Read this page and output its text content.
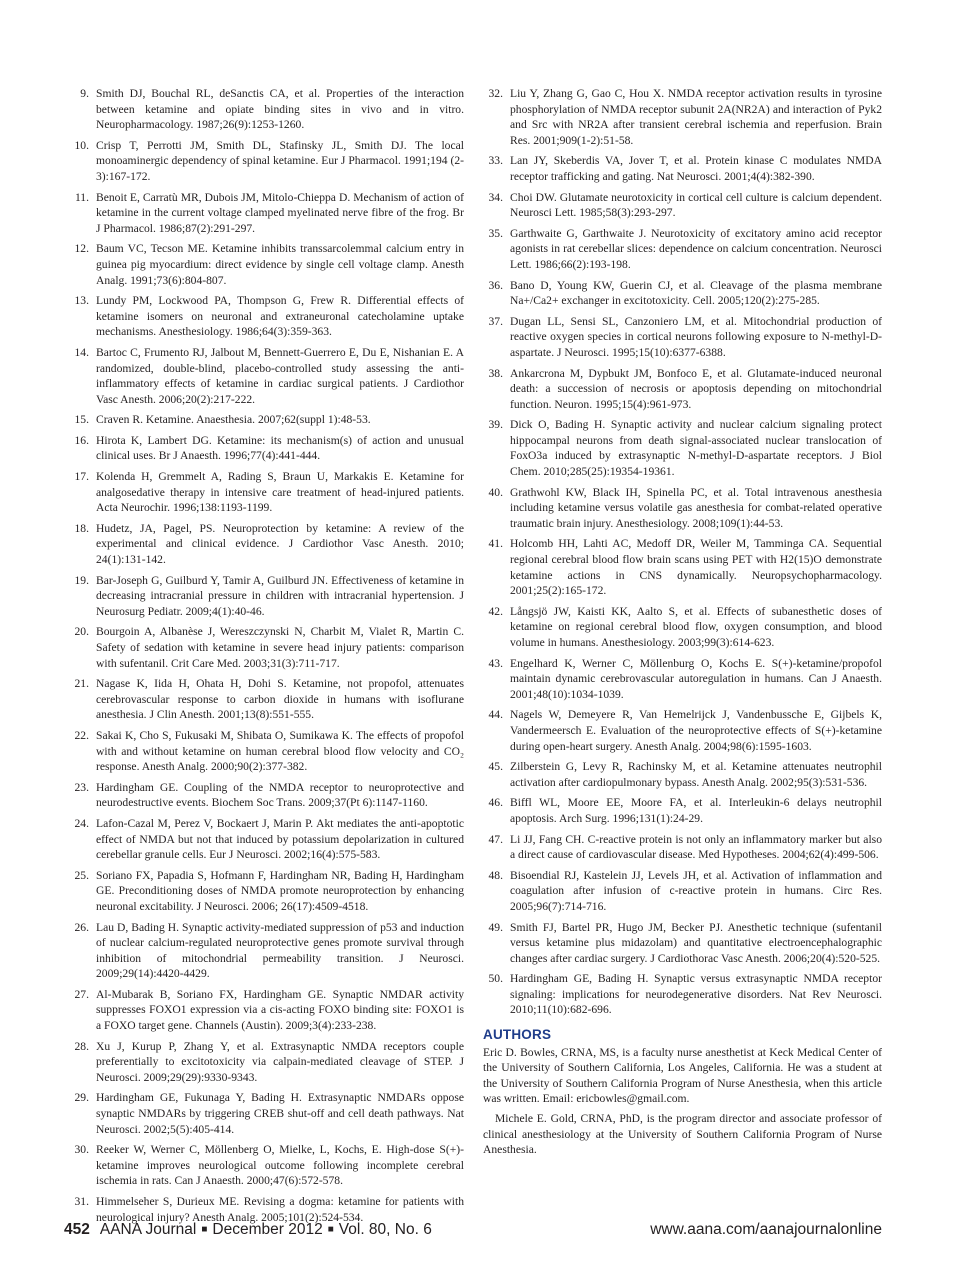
9. Smith DJ, Bouchal RL, deSanctis CA, et al. Properties of the interaction between ketamine and opiate binding sites in vivo and in vitro. Neuropharmacology. 1987;26(9):1253-1260.
10. Crisp T, Perrotti JM, Smith DL, Stafinsky JL, Smith DJ. The local monoaminergic dependency of spinal ketamine. Eur J Pharmacol. 1991;194 (2-3):167-172.
11. Benoit E, Carratù MR, Dubois JM, Mitolo-Chieppa D. Mechanism of action of ketamine in the current voltage clamped myelinated nerve fibre of the frog. Br J Pharmacol. 1986;87(2):291-297.
12. Baum VC, Tecson ME. Ketamine inhibits transsarcolemmal calcium entry in guinea pig myocardium: direct evidence by single cell voltage clamp. Anesth Analg. 1991;73(6):804-807.
13. Lundy PM, Lockwood PA, Thompson G, Frew R. Differential effects of ketamine isomers on neuronal and extraneuronal catecholamine uptake mechanisms. Anesthesiology. 1986;64(3):359-363.
14. Bartoc C, Frumento RJ, Jalbout M, Bennett-Guerrero E, Du E, Nishanian E. A randomized, double-blind, placebo-controlled study assessing the anti-inflammatory effects of ketamine in cardiac surgical patients. J Cardiothor Vasc Anesth. 2006;20(2):217-222.
15. Craven R. Ketamine. Anaesthesia. 2007;62(suppl 1):48-53.
16. Hirota K, Lambert DG. Ketamine: its mechanism(s) of action and unusual clinical uses. Br J Anaesth. 1996;77(4):441-444.
17. Kolenda H, Gremmelt A, Rading S, Braun U, Markakis E. Ketamine for analgosedative therapy in intensive care treatment of head-injured patients. Acta Neurochir. 1996;138:1193-1199.
18. Hudetz, JA, Pagel, PS. Neuroprotection by ketamine: A review of the experimental and clinical evidence. J Cardiothor Vasc Anesth. 2010; 24(1):131-142.
19. Bar-Joseph G, Guilburd Y, Tamir A, Guilburd JN. Effectiveness of ketamine in decreasing intracranial pressure in children with intracranial hypertension. J Neurosurg Pediatr. 2009;4(1):40-46.
20. Bourgoin A, Albanèse J, Wereszczynski N, Charbit M, Vialet R, Martin C. Safety of sedation with ketamine in severe head injury patients: comparison with sufentanil. Crit Care Med. 2003;31(3):711-717.
21. Nagase K, Iida H, Ohata H, Dohi S. Ketamine, not propofol, attenuates cerebrovascular response to carbon dioxide in humans with isoflurane anesthesia. J Clin Anesth. 2001;13(8):551-555.
22. Sakai K, Cho S, Fukusaki M, Shibata O, Sumikawa K. The effects of propofol with and without ketamine on human cerebral blood flow velocity and CO₂ response. Anesth Analg. 2000;90(2):377-382.
23. Hardingham GE. Coupling of the NMDA receptor to neuroprotective and neurodestructive events. Biochem Soc Trans. 2009;37(Pt 6):1147-1160.
24. Lafon-Cazal M, Perez V, Bockaert J, Marin P. Akt mediates the anti-apoptotic effect of NMDA but not that induced by potassium depolarization in cultured cerebellar granule cells. Eur J Neurosci. 2002;16(4):575-583.
25. Soriano FX, Papadia S, Hofmann F, Hardingham NR, Bading H, Hardingham GE. Preconditioning doses of NMDA promote neuroprotection by enhancing neuronal excitability. J Neurosci. 2006; 26(17):4509-4518.
26. Lau D, Bading H. Synaptic activity-mediated suppression of p53 and induction of nuclear calcium-regulated neuroprotective genes promote survival through inhibition of mitochondrial permeability transition. J Neurosci. 2009;29(14):4420-4429.
27. Al-Mubarak B, Soriano FX, Hardingham GE. Synaptic NMDAR activity suppresses FOXO1 expression via a cis-acting FOXO binding site: FOXO1 is a FOXO target gene. Channels (Austin). 2009;3(4):233-238.
28. Xu J, Kurup P, Zhang Y, et al. Extrasynaptic NMDA receptors couple preferentially to excitotoxicity via calpain-mediated cleavage of STEP. J Neurosci. 2009;29(29):9330-9343.
29. Hardingham GE, Fukunaga Y, Bading H. Extrasynaptic NMDARs oppose synaptic NMDARs by triggering CREB shut-off and cell death pathways. Nat Neurosci. 2002;5(5):405-414.
30. Reeker W, Werner C, Möllenberg O, Mielke, L, Kochs, E. High-dose S(+)-ketamine improves neurological outcome following incomplete cerebral ischemia in rats. Can J Anaesth. 2000;47(6):572-578.
31. Himmelseher S, Durieux ME. Revising a dogma: ketamine for patients with neurological injury? Anesth Analg. 2005;101(2):524-534.
32. Liu Y, Zhang G, Gao C, Hou X. NMDA receptor activation results in tyrosine phosphorylation of NMDA receptor subunit 2A(NR2A) and interaction of Pyk2 and Src with NR2A after transient cerebral ischemia and reperfusion. Brain Res. 2001;909(1-2):51-58.
33. Lan JY, Skeberdis VA, Jover T, et al. Protein kinase C modulates NMDA receptor trafficking and gating. Nat Neurosci. 2001;4(4):382-390.
34. Choi DW. Glutamate neurotoxicity in cortical cell culture is calcium dependent. Neurosci Lett. 1985;58(3):293-297.
35. Garthwaite G, Garthwaite J. Neurotoxicity of excitatory amino acid receptor agonists in rat cerebellar slices: dependence on calcium concentration. Neurosci Lett. 1986;66(2):193-198.
36. Bano D, Young KW, Guerin CJ, et al. Cleavage of the plasma membrane Na+/Ca2+ exchanger in excitotoxicity. Cell. 2005;120(2):275-285.
37. Dugan LL, Sensi SL, Canzoniero LM, et al. Mitochondrial production of reactive oxygen species in cortical neurons following exposure to N-methyl-D-aspartate. J Neurosci. 1995;15(10):6377-6388.
38. Ankarcrona M, Dypbukt JM, Bonfoco E, et al. Glutamate-induced neuronal death: a succession of necrosis or apoptosis depending on mitochondrial function. Neuron. 1995;15(4):961-973.
39. Dick O, Bading H. Synaptic activity and nuclear calcium signaling protect hippocampal neurons from death signal-associated nuclear translocation of FoxO3a induced by extrasynaptic N-methyl-D-aspartate receptors. J Biol Chem. 2010;285(25):19354-19361.
40. Grathwohl KW, Black IH, Spinella PC, et al. Total intravenous anesthesia including ketamine versus volatile gas anesthesia for combat-related operative traumatic brain injury. Anesthesiology. 2008;109(1):44-53.
41. Holcomb HH, Lahti AC, Medoff DR, Weiler M, Tamminga CA. Sequential regional cerebral blood flow brain scans using PET with H2(15)O demonstrate ketamine actions in CNS dynamically. Neuropsychopharmacology. 2001;25(2):165-172.
42. Långsjö JW, Kaisti KK, Aalto S, et al. Effects of subanesthetic doses of ketamine on regional cerebral blood flow, oxygen consumption, and blood volume in humans. Anesthesiology. 2003;99(3):614-623.
43. Engelhard K, Werner C, Möllenburg O, Kochs E. S(+)-ketamine/propofol maintain dynamic cerebrovascular autoregulation in humans. Can J Anaesth. 2001;48(10):1034-1039.
44. Nagels W, Demeyere R, Van Hemelrijck J, Vandenbussche E, Gijbels K, Vandermeersch E. Evaluation of the neuroprotective effects of S(+)-ketamine during open-heart surgery. Anesth Analg. 2004;98(6):1595-1603.
45. Zilberstein G, Levy R, Rachinsky M, et al. Ketamine attenuates neutrophil activation after cardiopulmonary bypass. Anesth Analg. 2002;95(3):531-536.
46. Biffl WL, Moore EE, Moore FA, et al. Interleukin-6 delays neutrophil apoptosis. Arch Surg. 1996;131(1):24-29.
47. Li JJ, Fang CH. C-reactive protein is not only an inflammatory marker but also a direct cause of cardiovascular disease. Med Hypotheses. 2004;62(4):499-506.
48. Bisoendial RJ, Kastelein JJ, Levels JH, et al. Activation of inflammation and coagulation after infusion of c-reactive protein in humans. Circ Res. 2005;96(7):714-716.
49. Smith FJ, Bartel PR, Hugo JM, Becker PJ. Anesthetic technique (sufentanil versus ketamine plus midazolam) and quantitative electroencephalographic changes after cardiac surgery. J Cardiothorac Vasc Anesth. 2006;20(4):520-525.
50. Hardingham GE, Bading H. Synaptic versus extrasynaptic NMDA receptor signaling: implications for neurodegenerative disorders. Nat Rev Neurosci. 2010;11(10):682-696.
AUTHORS

Eric D. Bowles, CRNA, MS, is a faculty nurse anesthetist at Keck Medical Center of the University of Southern California, Los Angeles, California. He was a student at the University of Southern California Program of Nurse Anesthesia, when this article was written. Email: ericbowles@gmail.com.

Michele E. Gold, CRNA, PhD, is the program director and associate professor of clinical anesthesiology at the University of Southern California Program of Nurse Anesthesia.

452 AANA Journal ■ December 2012 ■ Vol. 80, No. 6	www.aana.com/aanajournalonline
